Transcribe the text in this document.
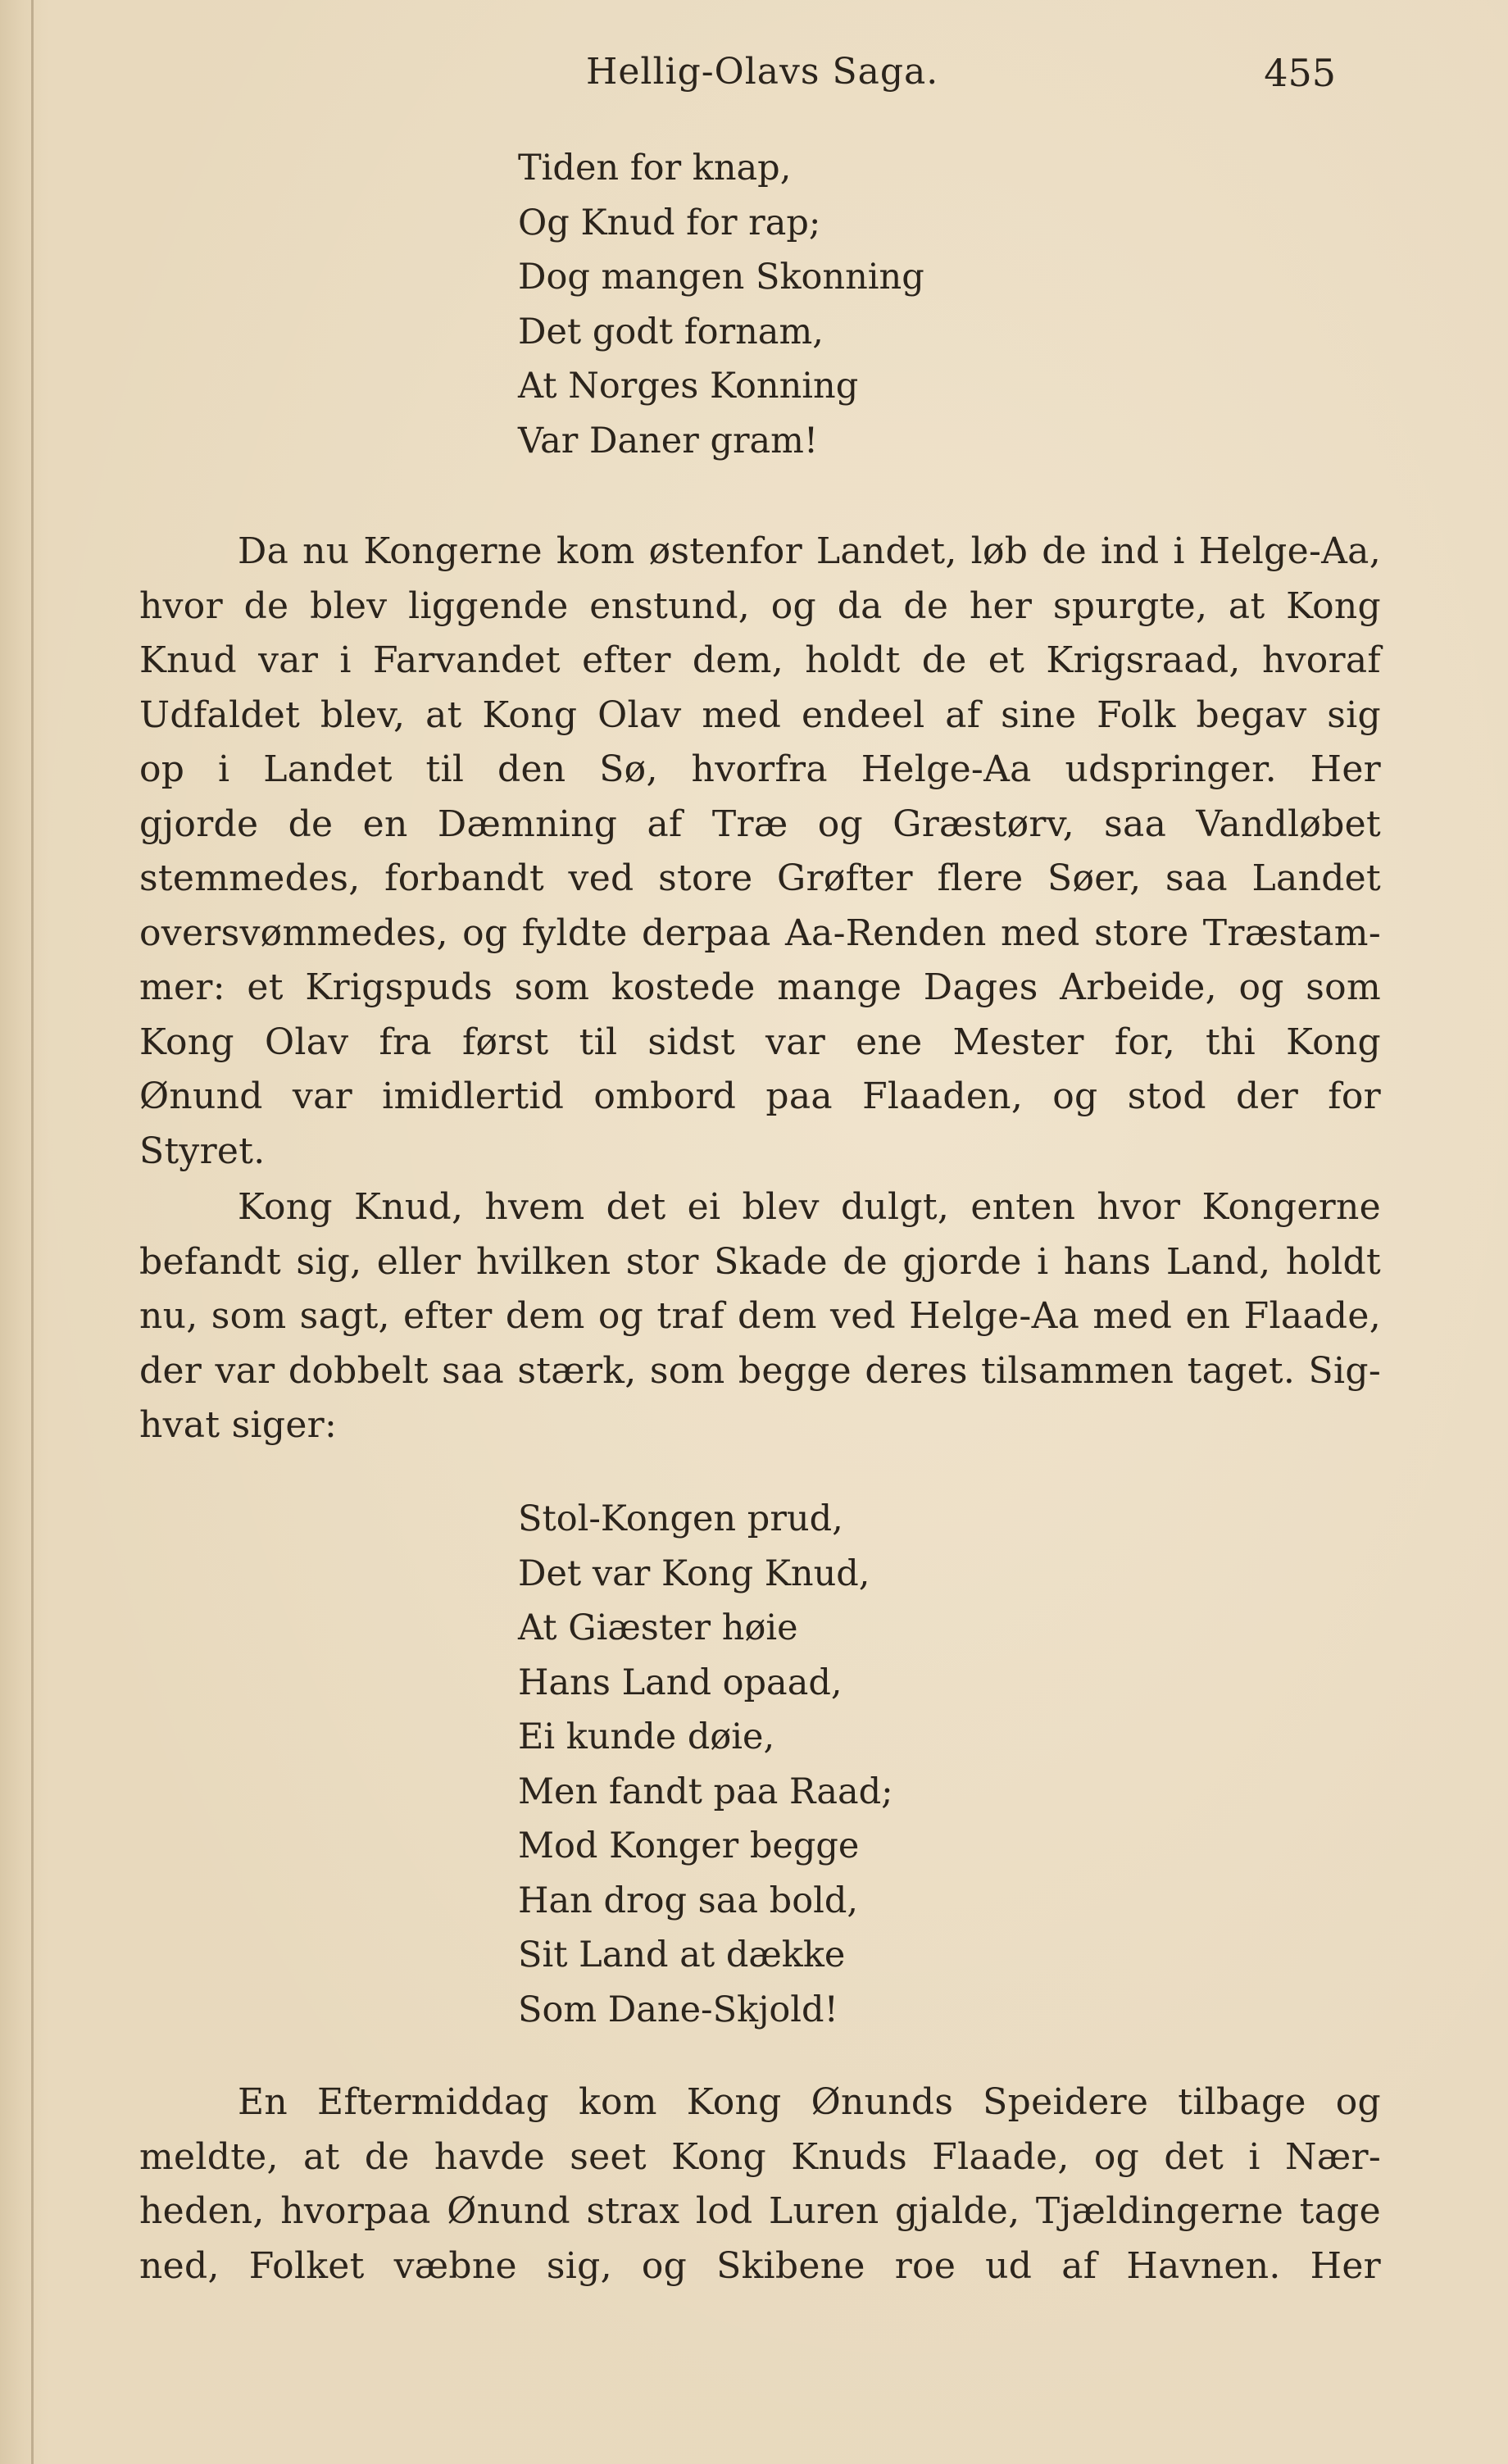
Hellig-Olavs Saga.	455
Tiden for knap,
Og Knud for rap;
Dog mangen Skonning
Det godt fornam,
At Norges Konning
Var Daner gram!
Da nu Kongerne kom østenfor Landet, løb de ind i Helge-Aa,
hvor de blev liggende enstund, og da de her spurgte, at Kong
Knud var i Farvandet efter dem, holdt de et Krigsraad, hvoraf
Udfaldet blev, at Kong Olav med endeel af sine Folk begav sig
op i Landet til den Sø, hvorfra Helge-Aa udspringer. Her
gjorde de en Dæmning af Træ og Græstørv, saa Vandløbet
stemmedes, forbandt ved store Grøfter flere Søer, saa Landet
oversvømmedes, og fyldte derpaa Aa-Renden med store Træstam-
mer: et Krigspuds som kostede mange Dages Arbeide, og som
Kong Olav fra først til sidst var ene Mester for, thi Kong
Ønund var imidlertid ombord paa Flaaden, og stod der for
Styret.
Kong Knud, hvem det ei blev dulgt, enten hvor Kongerne
befandt sig, eller hvilken stor Skade de gjorde i hans Land, holdt
nu, som sagt, efter dem og traf dem ved Helge-Aa med en Flaade,
der var dobbelt saa stærk, som begge deres tilsammen taget. Sig-
hvat siger:
Stol-Kongen prud,
Det var Kong Knud,
At Giæster høie
Hans Land opaad,
Ei kunde døie,
Men fandt paa Raad;
Mod Konger begge
Han drog saa bold,
Sit Land at dække
Som Dane-Skjold!
En Eftermiddag kom Kong Ønunds Speidere tilbage og
meldte, at de havde seet Kong Knuds Flaade, og det i Nær-
heden, hvorpaa Ønund strax lod Luren gjalde, Tjældingerne tage
ned, Folket væbne sig, og Skibene roe ud af Havnen. Her
